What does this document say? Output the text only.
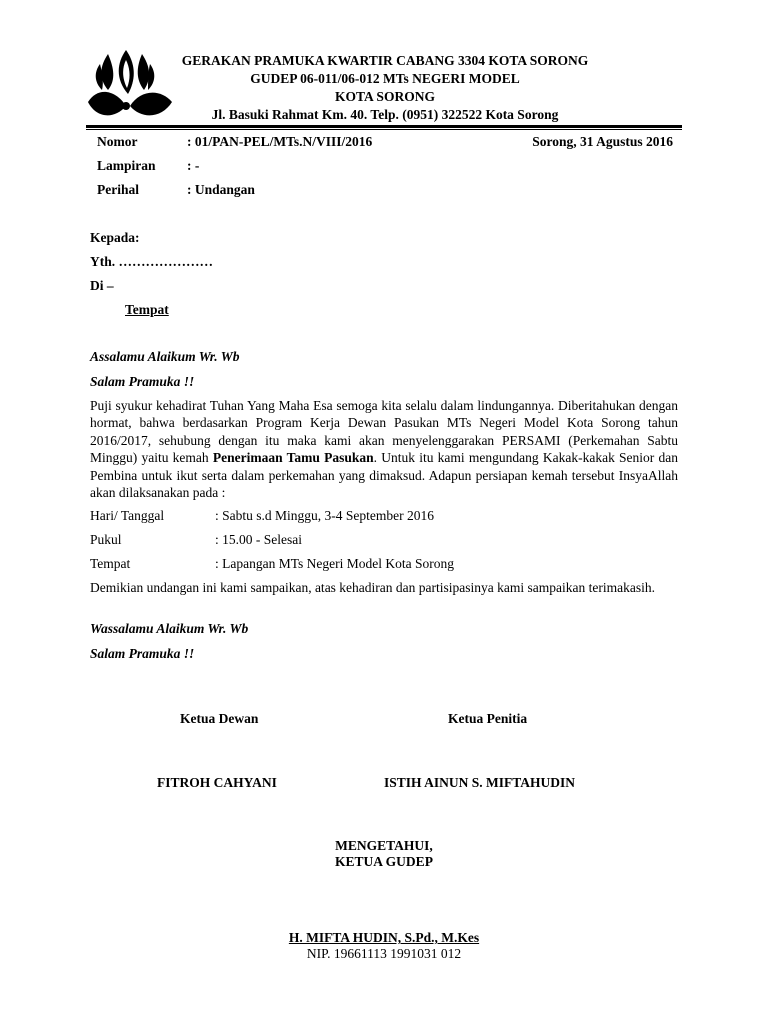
GERAKAN PRAMUKA KWARTIR CABANG 3304 KOTA SORONG
GUDEP 06-011/06-012 MTs NEGERI MODEL
KOTA SORONG
Jl. Basuki Rahmat Km. 40. Telp. (0951) 322522 Kota Sorong
Nomor	: 01/PAN-PEL/MTs.N/VIII/2016	Sorong, 31 Agustus 2016
Lampiran : -
Perihal	: Undangan
Kepada:
Yth. …………………
Di –
Tempat
Assalamu Alaikum Wr. Wb
Salam Pramuka !!
Puji syukur kehadirat Tuhan Yang Maha Esa semoga kita selalu dalam lindungannya. Diberitahukan dengan hormat, bahwa berdasarkan Program Kerja Dewan Pasukan MTs Negeri Model Kota Sorong tahun 2016/2017, sehubung dengan itu maka kami akan menyelenggarakan PERSAMI (Perkemahan Sabtu Minggu) yaitu kemah Penerimaan Tamu Pasukan. Untuk itu kami mengundang Kakak-kakak Senior dan Pembina untuk ikut serta dalam perkemahan yang dimaksud. Adapun persiapan kemah tersebut InsyaAllah akan dilaksanakan pada :
Hari/ Tanggal	: Sabtu s.d Minggu, 3-4 September 2016
Pukul	: 15.00 - Selesai
Tempat	: Lapangan MTs Negeri Model Kota Sorong
Demikian undangan ini kami sampaikan, atas kehadiran dan partisipasinya kami sampaikan terimakasih.
Wassalamu Alaikum Wr. Wb
Salam Pramuka !!
Ketua Dewan	Ketua Penitia
FITROH CAHYANI	ISTIH AINUN S. MIFTAHUDIN
MENGETAHUI,
KETUA GUDEP
H. MIFTA HUDIN, S.Pd., M.Kes
NIP. 19661113 1991031 012
